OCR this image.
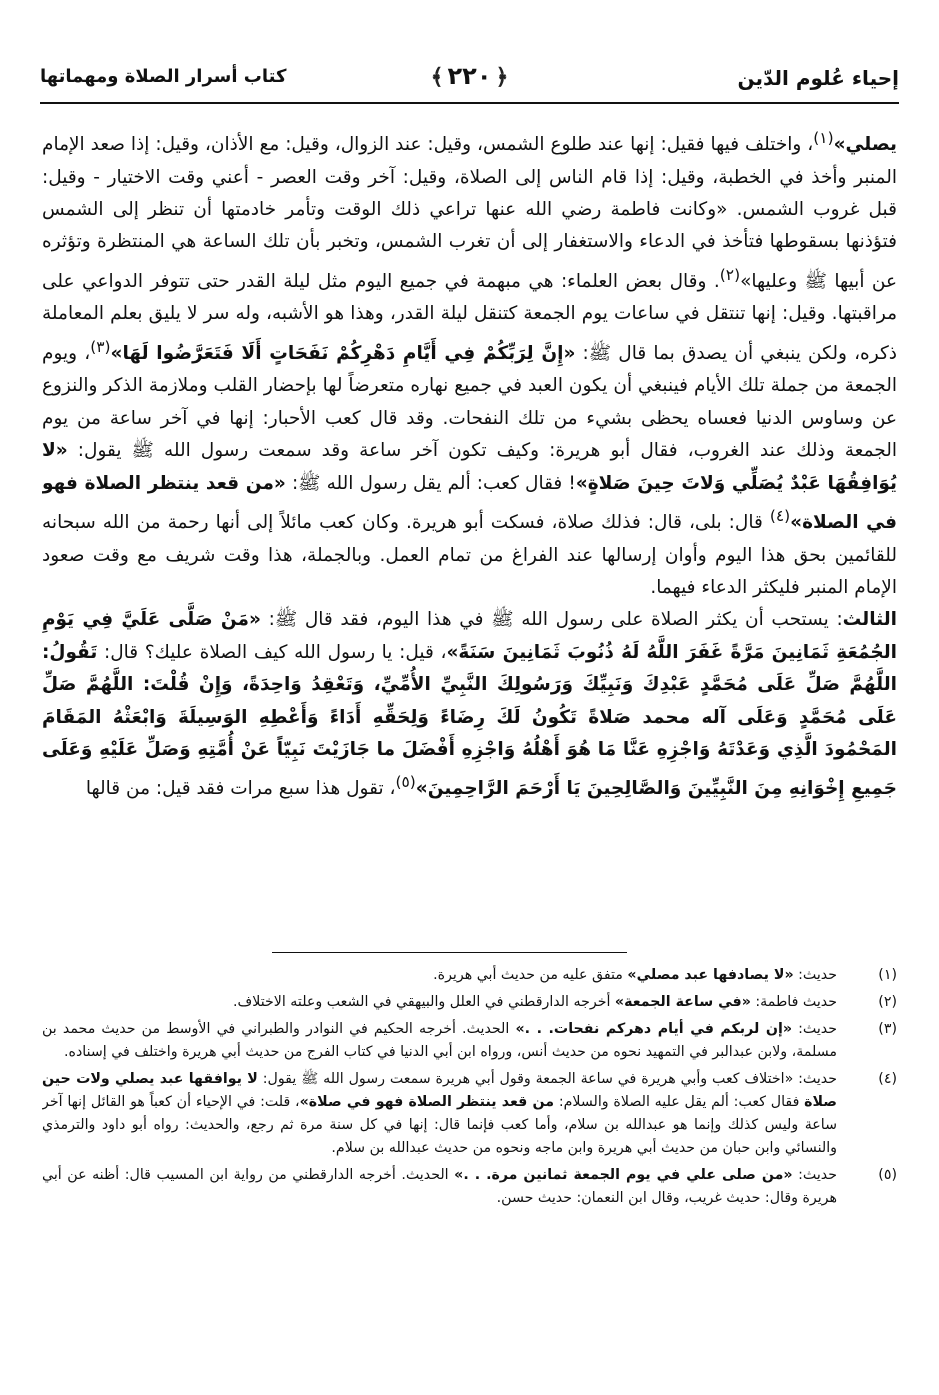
إحياء عُلوم الدّين
﴿٢٢٠﴾
كتاب أسرار الصلاة ومهماتها

يصلي»$^{(١)}$، واختلف فيها فقيل: إنها عند طلوع الشمس، وقيل: عند الزوال، وقيل: مع الأذان، وقيل: إذا صعد الإمام المنبر وأخذ في الخطبة، وقيل: إذا قام الناس إلى الصلاة، وقيل: آخر وقت العصر - أعني وقت الاختيار - وقيل: قبل غروب الشمس. «وكانت فاطمة رضي الله عنها تراعي ذلك الوقت وتأمر خادمتها أن تنظر إلى الشمس فتؤذنها بسقوطها فتأخذ في الدعاء والاستغفار إلى أن تغرب الشمس، وتخبر بأن تلك الساعة هي المنتظرة وتؤثره عن أبيها ﷺ وعليها»$^{(٢)}$. وقال بعض العلماء: هي مبهمة في جميع اليوم مثل ليلة القدر حتى تتوفر الدواعي على مراقبتها. وقيل: إنها تنتقل في ساعات يوم الجمعة كتنقل ليلة القدر، وهذا هو الأشبه، وله سر لا يليق بعلم المعاملة ذكره، ولكن ينبغي أن يصدق بما قال ﷺ: «إِنَّ لِرَبِّكُمْ فِي أَيَّامِ دَهْرِكُمْ نَفَحَاتٍ أَلَا فَتَعَرَّضُوا لَهَا»$^{(٣)}$، ويوم الجمعة من جملة تلك الأيام فينبغي أن يكون العبد في جميع نهاره متعرضاً لها بإحضار القلب وملازمة الذكر والنزوع عن وساوس الدنيا فعساه يحظى بشيء من تلك النفحات. وقد قال كعب الأحبار: إنها في آخر ساعة من يوم الجمعة وذلك عند الغروب، فقال أبو هريرة: وكيف تكون آخر ساعة وقد سمعت رسول الله ﷺ يقول: «لا يُوَافِقُهَا عَبْدٌ يُصَلِّي وَلاتَ حِينَ صَلاةٍ»! فقال كعب: ألم يقل رسول الله ﷺ: «من قعد ينتظر الصلاة فهو في الصلاة»$^{(٤)}$ قال: بلى، قال: فذلك صلاة، فسكت أبو هريرة. وكان كعب مائلاً إلى أنها رحمة من الله سبحانه للقائمين بحق هذا اليوم وأوان إرسالها عند الفراغ من تمام العمل. وبالجملة، هذا وقت شريف مع وقت صعود الإمام المنبر فليكثر الدعاء فيهما.

الثالث: يستحب أن يكثر الصلاة على رسول الله ﷺ في هذا اليوم، فقد قال ﷺ: «مَنْ صَلَّى عَلَيَّ فِي يَوْمِ الجُمُعَةِ ثَمَانِينَ مَرَّةً غَفَرَ اللَّهُ لَهُ ذُنُوبَ ثَمَانِينَ سَنَةً»، قيل: يا رسول الله كيف الصلاة عليك؟ قال: تَقُولُ: اللَّهُمَّ صَلِّ عَلَى مُحَمَّدٍ عَبْدِكَ وَنَبِيِّكَ وَرَسُولِكَ النَّبِيِّ الأُمِّيِّ، وَتَعْقِدُ وَاحِدَةً، وَإِنْ قُلْتَ: اللَّهُمَّ صَلِّ عَلَى مُحَمَّدٍ وَعَلَى آله محمد صَلاةً تَكُونُ لَكَ رِضَاءً وَلِحَقِّهِ أَدَاءً وَأَعْطِهِ الوَسِيلَةَ وَابْعَثْهُ المَقَامَ المَحْمُودَ الَّذِي وَعَدْتَهُ وَاجْزِهِ عَنَّا مَا هُوَ أَهْلُهُ وَاجْزِهِ أَفْضَلَ ما جَازَيْتَ نَبِيّاً عَنْ أُمَّتِهِ وَصَلِّ عَلَيْهِ وَعَلَى جَمِيعِ إِخْوَانِهِ مِنَ النَّبِيِّينَ وَالصَّالِحِينَ يَا أَرْحَمَ الرَّاحِمِينَ»$^{(٥)}$، تقول هذا سبع مرات فقد قيل: من قالها

(١)
حديث: «لا يصادفها عبد مصلي» متفق عليه من حديث أبي هريرة.
(٢)
حديث فاطمة: «في ساعة الجمعة» أخرجه الدارقطني في العلل والبيهقي في الشعب وعلته الاختلاف.
(٣)
حديث: «إن لربكم في أيام دهركم نفحات. . .» الحديث. أخرجه الحكيم في النوادر والطبراني في الأوسط من حديث محمد بن مسلمة، ولابن عبدالبر في التمهيد نحوه من حديث أنس، ورواه ابن أبي الدنيا في كتاب الفرج من حديث أبي هريرة واختلف في إسناده.
(٤)
حديث: «اختلاف كعب وأبي هريرة في ساعة الجمعة وقول أبي هريرة سمعت رسول الله ﷺ يقول: لا يوافقها عبد يصلي ولات حين صلاة فقال كعب: ألم يقل عليه الصلاة والسلام: من قعد ينتظر الصلاة فهو في صلاة»، قلت: في الإحياء أن كعباً هو القائل إنها آخر ساعة وليس كذلك وإنما هو عبدالله بن سلام، وأما كعب فإنما قال: إنها في كل سنة مرة ثم رجع، والحديث: رواه أبو داود والترمذي والنسائي وابن حبان من حديث أبي هريرة وابن ماجه ونحوه من حديث عبدالله بن سلام.
(٥)
حديث: «من صلى علي في يوم الجمعة ثمانين مرة. . .» الحديث. أخرجه الدارقطني من رواية ابن المسيب قال: أظنه عن أبي هريرة وقال: حديث غريب، وقال ابن النعمان: حديث حسن.
